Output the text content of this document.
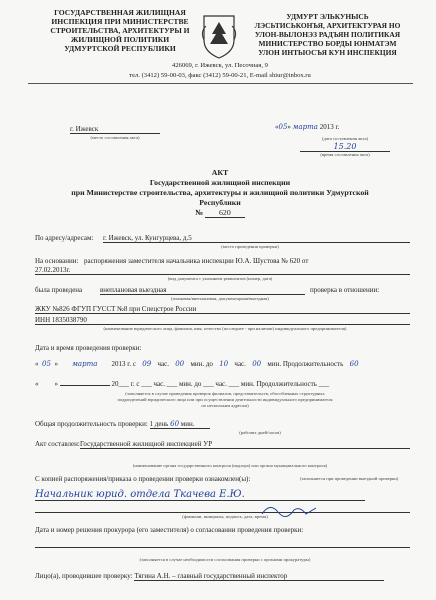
ГОСУДАРСТВЕННАЯ ЖИЛИЩНАЯ
ИНСПЕКЦИЯ ПРИ МИНИСТЕРСТВЕ
СТРОИТЕЛЬСТВА, АРХИТЕКТУРЫ И
ЖИЛИЩНОЙ ПОЛИТИКИ
УДМУРТСКОЙ РЕСПУБЛИКИ
УДМУРТ ЭЛЬКУНЫСЬ
ЛЭСЬТИСЬКОНЪЯ, АРХИТЕКТУРАЯ НО
УЛОН-ВЫЛОНЭЗ РАДЪЯН ПОЛИТИКАЯ
МИНИСТЕРСТВО БОРДЫ ЮНМАТЭМ
УЛОН ИНТЫОСЪЯ КУН ИНСПЕКЦИЯ
426069, г. Ижевск, ул. Песочная, 9
тел. (3412) 59-00-03, факс (3412) 59-00-21, E-mail shiur@inbox.ru
г. Ижевск
(место составления акта)
«05» марта 2013 г.
(дата составления акта)
15.20
(время составления акта)
АКТ
Государственной жилищной инспекции
при Министерстве строительства, архитектуры и жилищной политики Удмуртской
Республики
№ 620
По адресу/адресам: г. Ижевск, ул. Кунгурцева, д.5
(место проведения проверки)
На основании: распоряжения заместителя начальника инспекции Ю.А. Шустова № 620 от
27.02.2013г.
(вид документа с указанием реквизитов (номер, дата)
была проведена	внеплановая выездная	проверка в отношении:
(плановая/внеплановая, документарная/выездная)
ЖКУ №826 ФГУП ГУССТ №8 при Спецстрое России
ИНН 1835038790
(наименование юридического лица, фамилия, имя, отчество (последнее - при наличии) индивидуального предпринимателя)
Дата и время проведения проверки:
« 05 » марта 2013 г. с 09 час. 00 мин. до 10 час. 00 мин. Продолжительность 60
« »	20___ г. с ___ час. ___ мин. до ___ час. ___ мин. Продолжительность ___
(заполняется в случае проведения проверок филиалов, представительств, обособленных структурных
подразделений юридического лица или при осуществлении деятельности индивидуального предпринимателя
по нескольким адресам)
Общая продолжительность проверки: 1 день 60 мин.
(рабочих дней/часов)
Акт составлен: Государственной жилищной инспекцией УР
(наименование органа государственного контроля (надзора) или органа муниципального контроля)
С копией распоряжения/приказа о проведении проверки ознакомлен(ы):	(заполняется при проведении выездной проверки)
Начальник юрид. отдела Ткачева Е.Ю.
(фамилии, инициалы, подпись, дата, время)
Дата и номер решения прокурора (его заместителя) о согласовании проведения проверки:
(заполняется в случае необходимости согласования проверки с органами прокуратуры)
Лицо(а), проводившее проверку: Тягина А.Н. – главный государственный инспектор
